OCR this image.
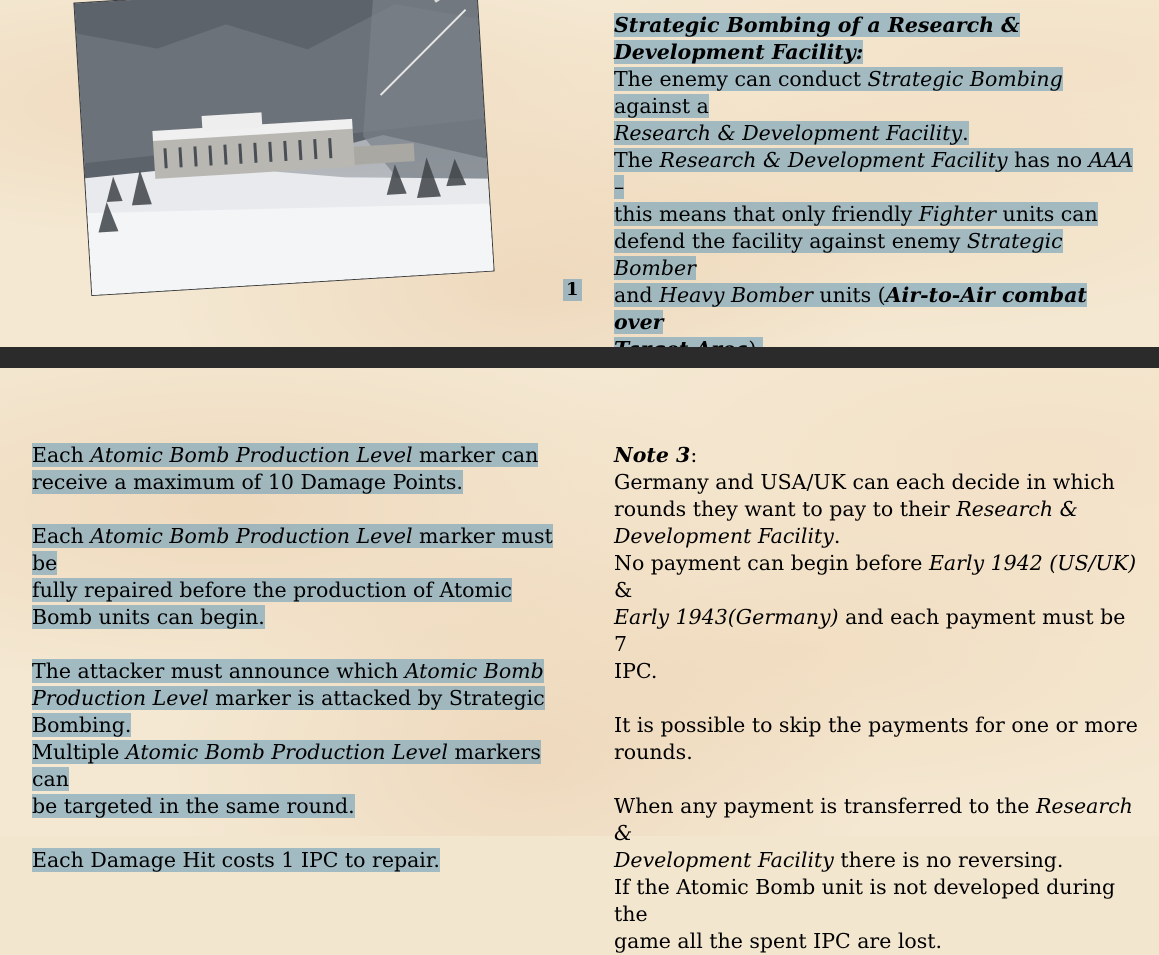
Strategic Bombing of a Research & Development Facility:
The enemy can conduct Strategic Bombing against a
Research & Development Facility.
The Research & Development Facility has no AAA –
this means that only friendly Fighter units can
defend the facility against enemy Strategic Bomber
and Heavy Bomber units (Air-to-Air combat over
1
Each Atomic Bomb Production Level marker can
receive a maximum of 10 Damage Points.
Each Atomic Bomb Production Level marker must be
fully repaired before the production of Atomic
Bomb units can begin.
The attacker must announce which Atomic Bomb
Production Level marker is attacked by Strategic
Bombing.
Multiple Atomic Bomb Production Level markers can
be targeted in the same round.
Each Damage Hit costs 1 IPC to repair.
Note 3:
Germany and USA/UK can each decide in which
rounds they want to pay to their Research &
Development Facility.
No payment can begin before Early 1942 (US/UK) &
Early 1943(Germany) and each payment must be 7
IPC.
It is possible to skip the payments for one or more
rounds.
When any payment is transferred to the Research &
Development Facility there is no reversing.
If the Atomic Bomb unit is not developed during the
game all the spent IPC are lost.
